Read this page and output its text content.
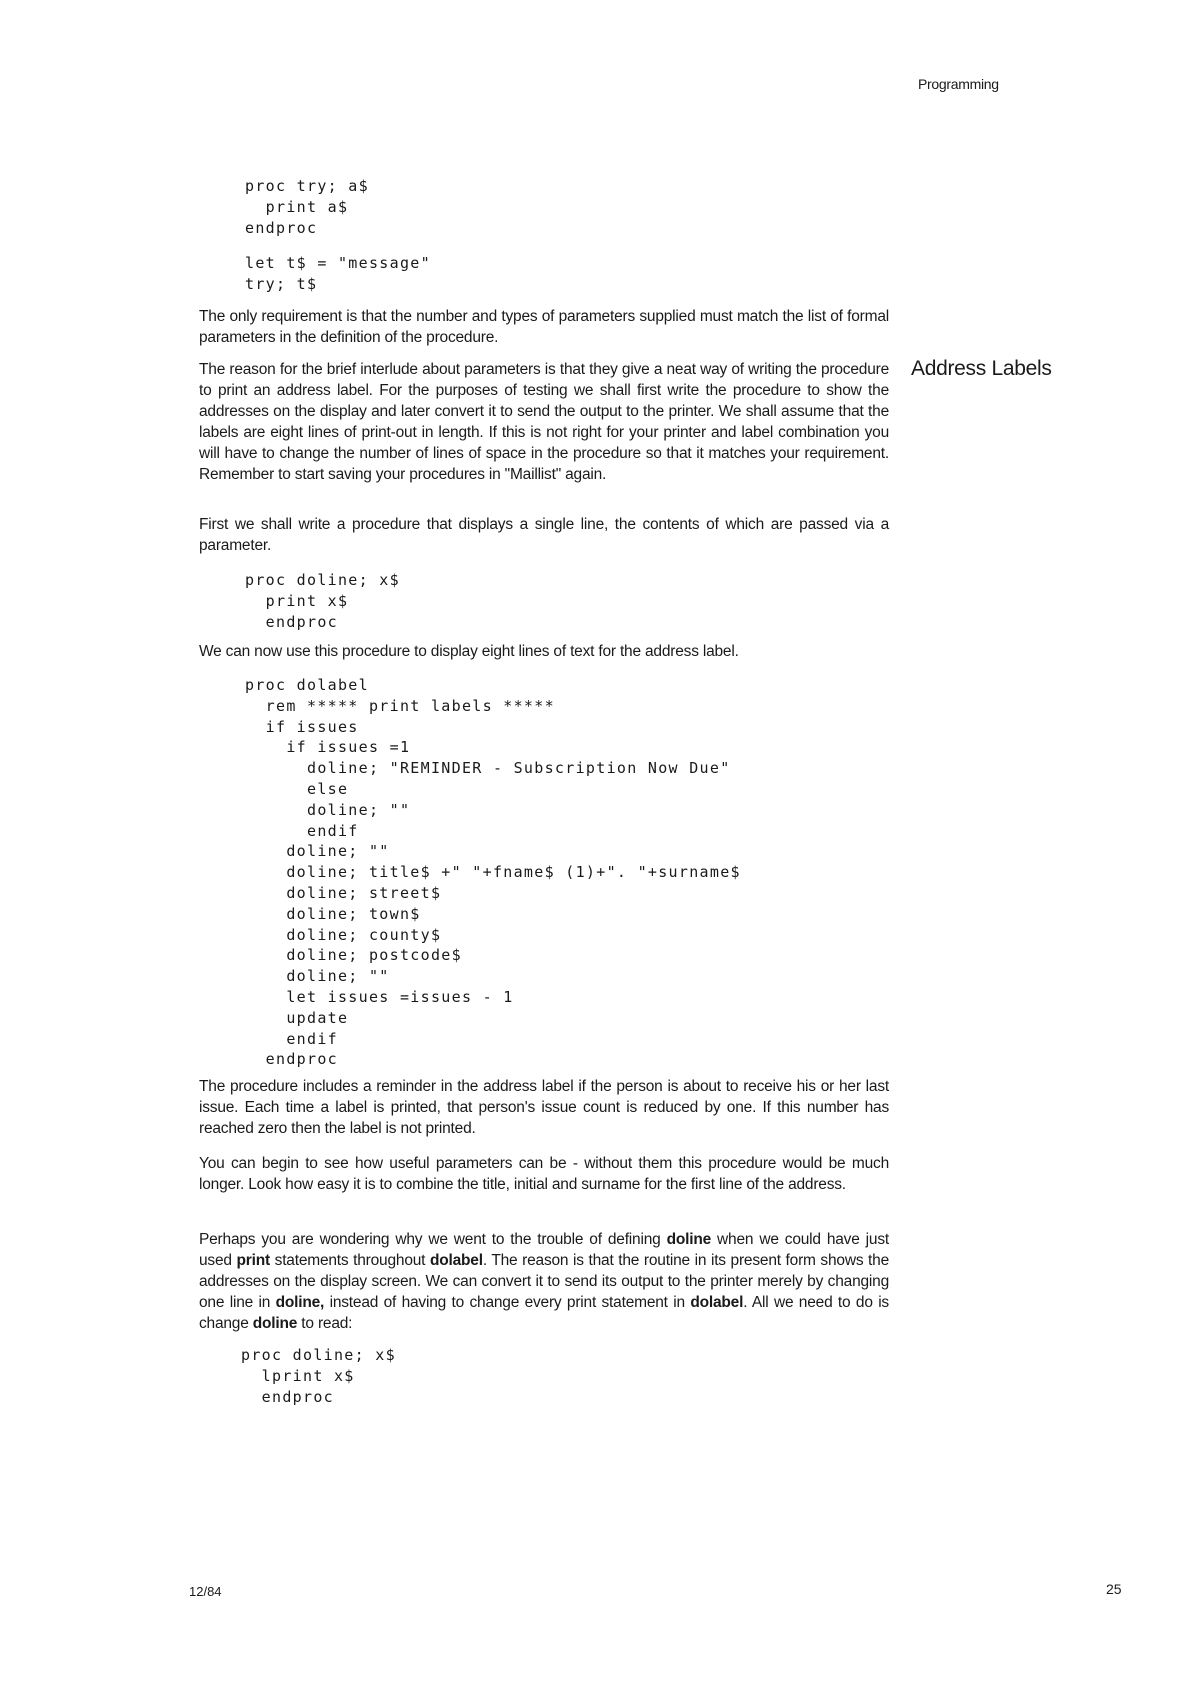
Programming
proc try; a$
print a$
endproc
let t$ = "message"
try; t$

The only requirement is that the number and types of parameters supplied must match the list of formal parameters in the definition of the procedure.

Address Labels

The reason for the brief interlude about parameters is that they give a neat way of writing the procedure to print an address label. For the purposes of testing we shall first write the procedure to show the addresses on the display and later convert it to send the output to the printer. We shall assume that the labels are eight lines of print-out in length. If this is not right for your printer and label combination you will have to change the number of lines of space in the procedure so that it matches your requirement. Remember to start saving your procedures in "Maillist" again.

First we shall write a procedure that displays a single line, the contents of which are passed via a parameter.

proc doline; x$
print x$
endproc

We can now use this procedure to display eight lines of text for the address label.

proc dolabel
rem ***** print labels *****
if issues
if issues =1
doline; "REMINDER - Subscription Now Due"
else
doline; ""
endif
doline; ""
doline; title$ +" "+fname$ (1)+". "+surname$
doline; street$
doline; town$
doline; county$
doline; postcode$
doline; ""
let issues =issues - 1
update
endif
endproc

The procedure includes a reminder in the address label if the person is about to receive his or her last issue. Each time a label is printed, that person's issue count is reduced by one. If this number has reached zero then the label is not printed.

You can begin to see how useful parameters can be - without them this procedure would be much longer. Look how easy it is to combine the title, initial and surname for the first line of the address.

Perhaps you are wondering why we went to the trouble of defining doline when we could have just used print statements throughout dolabel. The reason is that the routine in its present form shows the addresses on the display screen. We can convert it to send its output to the printer merely by changing one line in doline, instead of having to change every print statement in dolabel. All we need to do is change doline to read:

proc doline; x$
lprint x$
endproc
12/84	25
